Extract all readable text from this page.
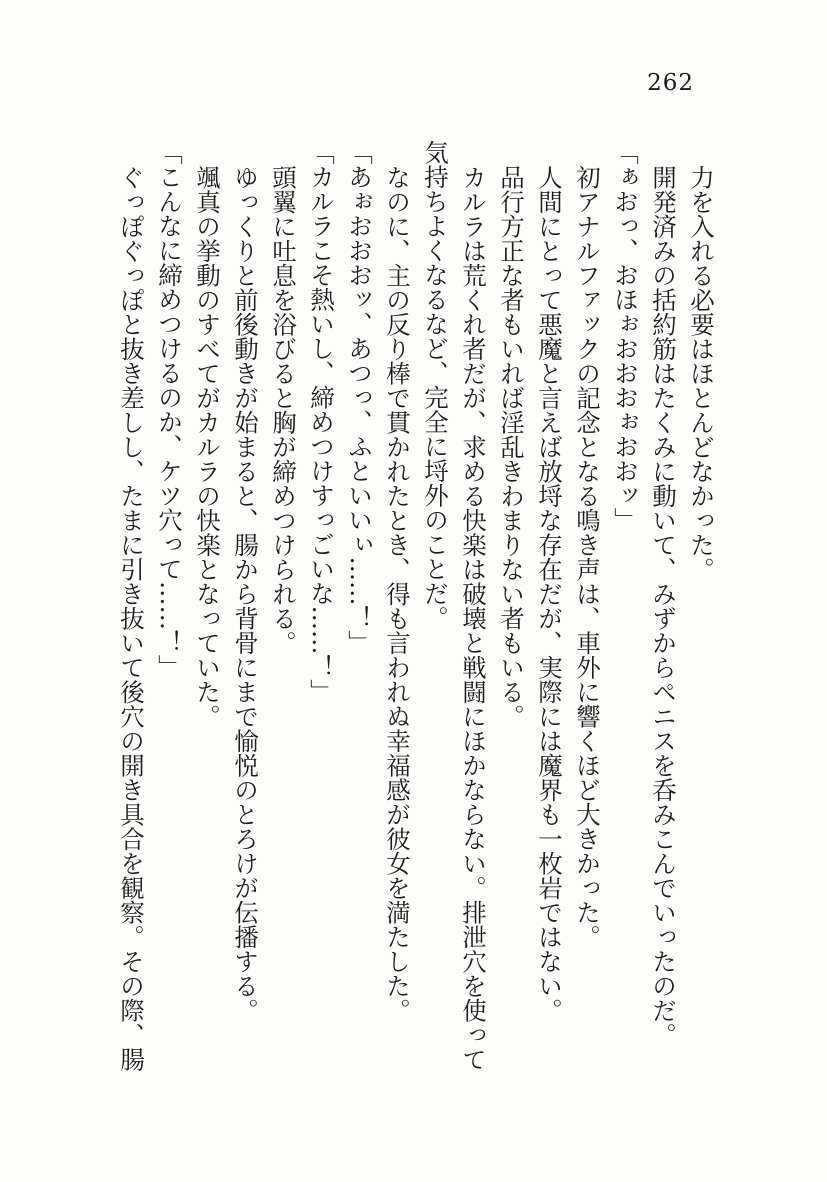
262

力を入れる必要はほとんどなかった。

開発済みの括約筋はたくみに動いて、みずからペニスを呑みこんでいったのだ。

「ぁおっ、おほぉおおおぉおおッ」

初アナルファックの記念となる鳴き声は、車外に響くほど大きかった。

人間にとって悪魔と言えば放埒な存在だが、実際には魔界も一枚岩ではない。

品行方正な者もいれば淫乱きわまりない者もいる。

カルラは荒くれ者だが、求める快楽は破壊と戦闘にほかならない。排泄穴を使って気持ちよくなるなど、完全に埒外のことだ。

なのに、主の反り棒で貫かれたとき、得も言われぬ幸福感が彼女を満たした。

「あぉおおおッ、あつっ、ふといいぃ……！」

「カルラこそ熱いし、締めつけすっごいな……！」

頭翼に吐息を浴びると胸が締めつけられる。

ゆっくりと前後動きが始まると、腸から背骨にまで愉悦のとろけが伝播する。

颯真の挙動のすべてがカルラの快楽となっていた。

「こんなに締めつけるのか、ケツ穴って……！」

ぐっぽぐっぽと抜き差しし、たまに引き抜いて後穴の開き具合を観察。その際、腸
